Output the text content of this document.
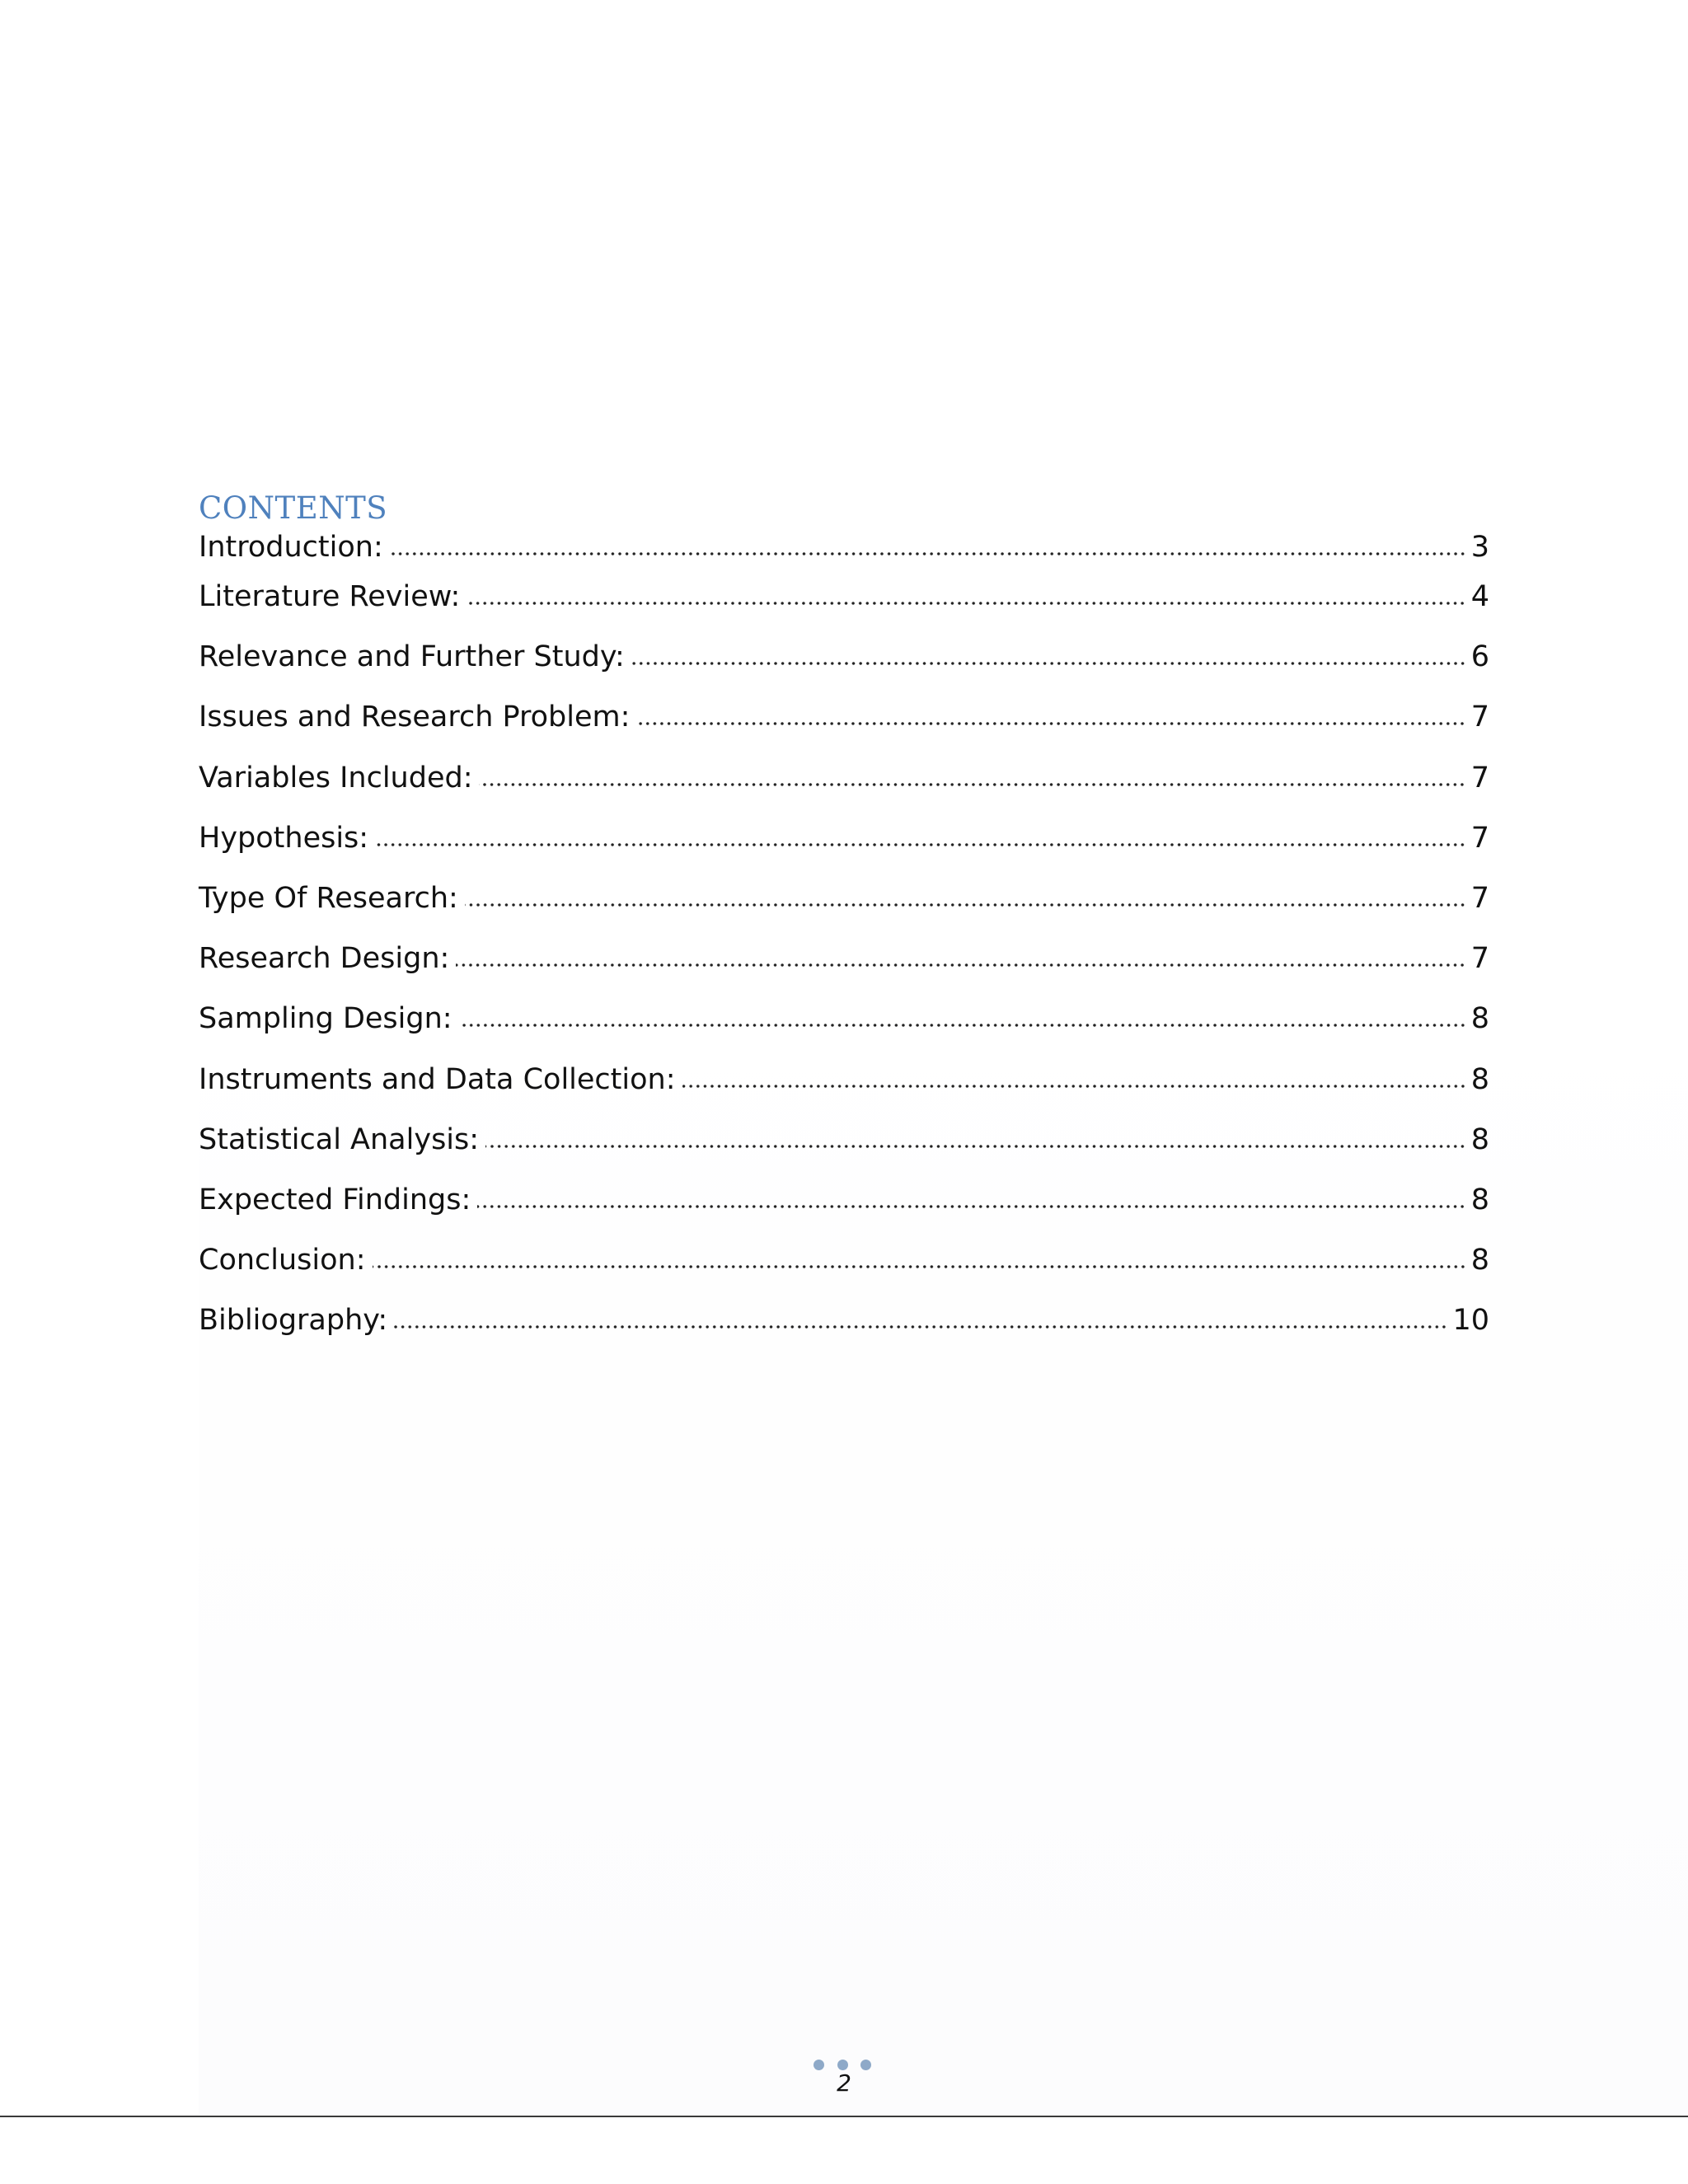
CONTENTS
Introduction:	3
Literature Review:	4
Relevance and Further Study:	6
Issues and Research Problem:	7
Variables Included:	7
Hypothesis:	7
Type Of Research:	7
Research Design:	7
Sampling Design:	8
Instruments and Data Collection:	8
Statistical Analysis:	8
Expected Findings:	8
Conclusion:	8
Bibliography:	10
2
